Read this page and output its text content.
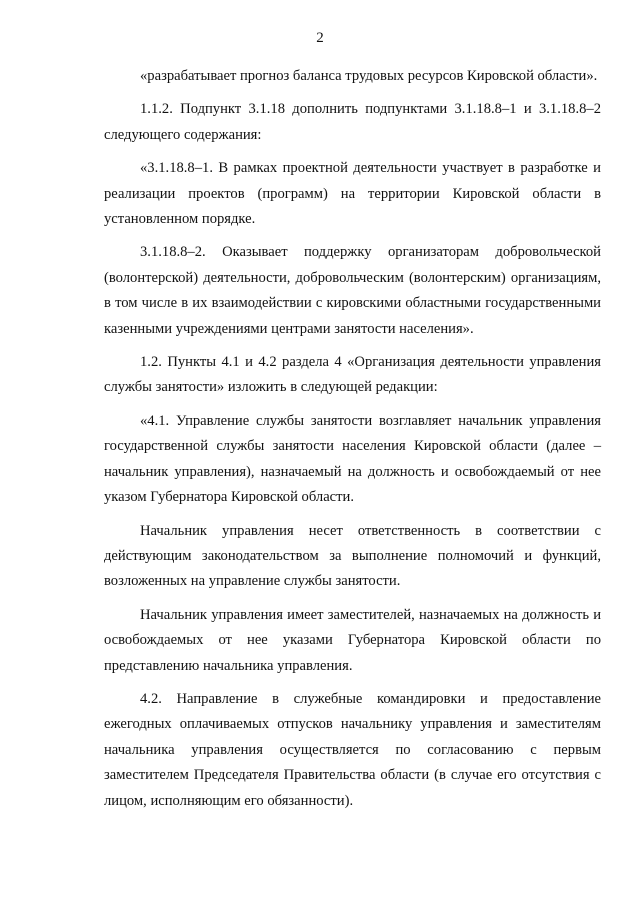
2

«разрабатывает прогноз баланса трудовых ресурсов Кировской области».

1.1.2. Подпункт 3.1.18 дополнить подпунктами 3.1.18.8–1 и 3.1.18.8–2 следующего содержания:

«3.1.18.8–1. В рамках проектной деятельности участвует в разработке и реализации проектов (программ) на территории Кировской области в установленном порядке.

3.1.18.8–2. Оказывает поддержку организаторам добровольческой (волонтерской) деятельности, добровольческим (волонтерским) организациям, в том числе в их взаимодействии с кировскими областными государственными казенными учреждениями центрами занятости населения».

1.2. Пункты 4.1 и 4.2 раздела 4 «Организация деятельности управления службы занятости» изложить в следующей редакции:

«4.1. Управление службы занятости возглавляет начальник управления государственной службы занятости населения Кировской области (далее – начальник управления), назначаемый на должность и освобождаемый от нее указом Губернатора Кировской области.

Начальник управления несет ответственность в соответствии с действующим законодательством за выполнение полномочий и функций, возложенных на управление службы занятости.

Начальник управления имеет заместителей, назначаемых на должность и освобождаемых от нее указами Губернатора Кировской области по представлению начальника управления.

4.2. Направление в служебные командировки и предоставление ежегодных оплачиваемых отпусков начальнику управления и заместителям начальника управления осуществляется по согласованию с первым заместителем Председателя Правительства области (в случае его отсутствия с лицом, исполняющим его обязанности).
